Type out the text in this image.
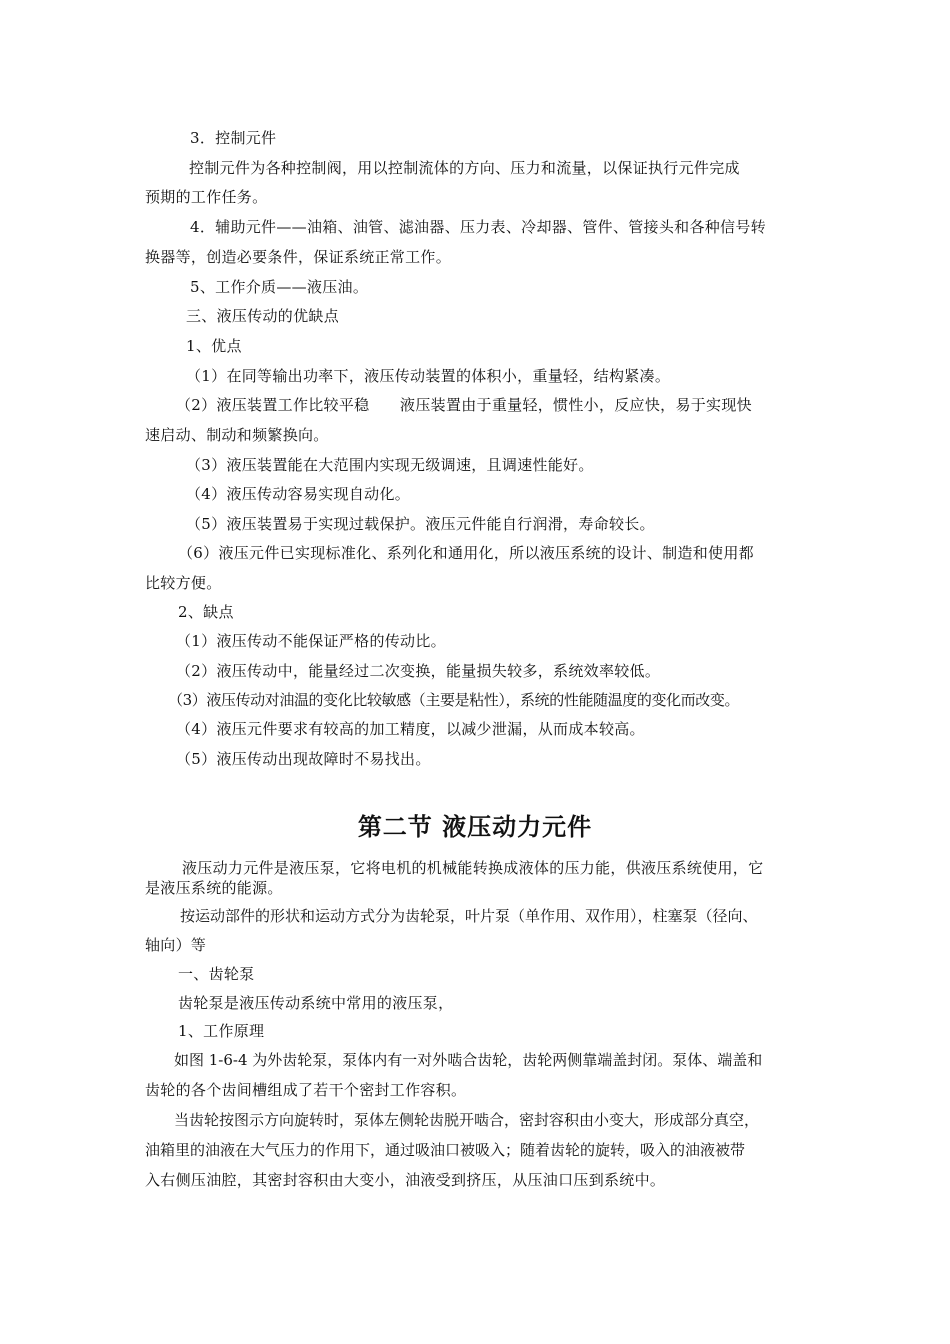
3．控制元件
控制元件为各种控制阀，用以控制流体的方向、压力和流量，以保证执行元件完成
预期的工作任务。
4．辅助元件——油箱、油管、滤油器、压力表、冷却器、管件、管接头和各种信号转
换器等，创造必要条件，保证系统正常工作。
5、工作介质——液压油。
三、液压传动的优缺点
1、优点
（1）在同等输出功率下，液压传动装置的体积小，重量轻，结构紧凑。
（2）液压装置工作比较平稳　　液压装置由于重量轻，惯性小，反应快，易于实现快
速启动、制动和频繁换向。
（3）液压装置能在大范围内实现无级调速，且调速性能好。
（4）液压传动容易实现自动化。
（5）液压装置易于实现过载保护。液压元件能自行润滑，寿命较长。
（6）液压元件已实现标准化、系列化和通用化，所以液压系统的设计、制造和使用都
比较方便。
2、缺点
（1）液压传动不能保证严格的传动比。
（2）液压传动中，能量经过二次变换，能量损失较多，系统效率较低。
（3）液压传动对油温的变化比较敏感（主要是粘性），系统的性能随温度的变化而改变。
（4）液压元件要求有较高的加工精度，以减少泄漏，从而成本较高。
（5）液压传动出现故障时不易找出。
第二节 液压动力元件
液压动力元件是液压泵，它将电机的机械能转换成液体的压力能，供液压系统使用，它
是液压系统的能源。
按运动部件的形状和运动方式分为齿轮泵，叶片泵（单作用、双作用），柱塞泵（径向、
轴向）等
一、齿轮泵
齿轮泵是液压传动系统中常用的液压泵，
1、工作原理
如图 1-6-4 为外齿轮泵，泵体内有一对外啮合齿轮，齿轮两侧靠端盖封闭。泵体、端盖和
齿轮的各个齿间槽组成了若干个密封工作容积。
当齿轮按图示方向旋转时，泵体左侧轮齿脱开啮合，密封容积由小变大，形成部分真空，
油箱里的油液在大气压力的作用下，通过吸油口被吸入；随着齿轮的旋转，吸入的油液被带
入右侧压油腔，其密封容积由大变小，油液受到挤压，从压油口压到系统中。
